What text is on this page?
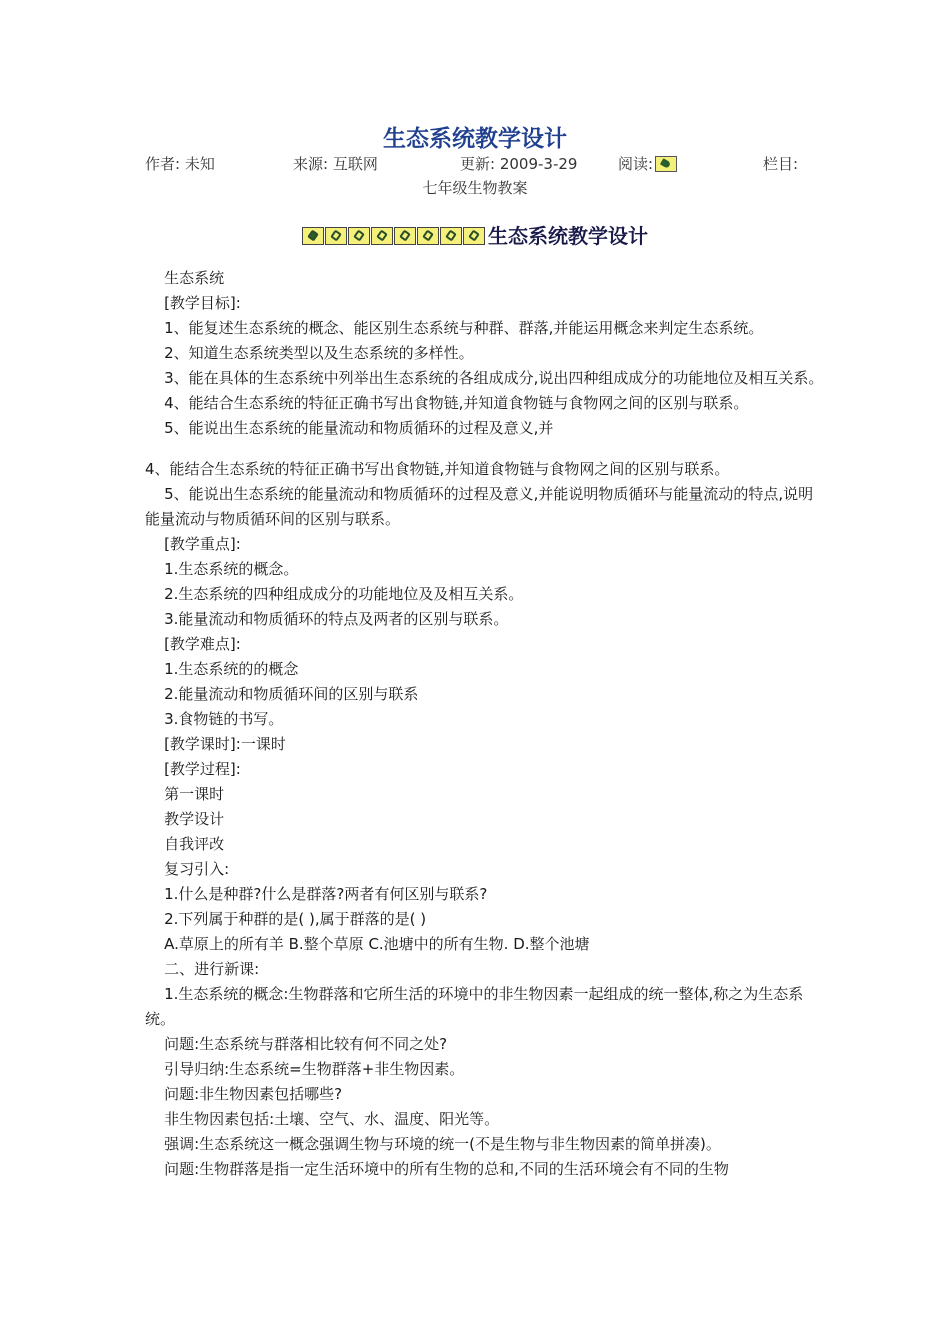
生态系统教学设计
作者: 未知	来源: 互联网	更新: 2009-3-29	阅读:	栏目:
七年级生物教案
生态系统教学设计

生态系统

[教学目标]:

1、能复述生态系统的概念、能区别生态系统与种群、群落,并能运用概念来判定生态系统。

2、知道生态系统类型以及生态系统的多样性。

3、能在具体的生态系统中列举出生态系统的各组成成分,说出四种组成成分的功能地位及相互关系。

4、能结合生态系统的特征正确书写出食物链,并知道食物链与食物网之间的区别与联系。

5、能说出生态系统的能量流动和物质循环的过程及意义,并

4、能结合生态系统的特征正确书写出食物链,并知道食物链与食物网之间的区别与联系。

5、能说出生态系统的能量流动和物质循环的过程及意义,并能说明物质循环与能量流动的特点,说明能量流动与物质循环间的区别与联系。

[教学重点]:

1.生态系统的概念。

2.生态系统的四种组成成分的功能地位及及相互关系。

3.能量流动和物质循环的特点及两者的区别与联系。

[教学难点]:

1.生态系统的的概念

2.能量流动和物质循环间的区别与联系

3.食物链的书写。

[教学课时]:一课时

[教学过程]:

第一课时

教学设计

自我评改

复习引入:

1.什么是种群?什么是群落?两者有何区别与联系?

2.下列属于种群的是( ),属于群落的是( )

A.草原上的所有羊 B.整个草原 C.池塘中的所有生物. D.整个池塘

二、进行新课:

1.生态系统的概念:生物群落和它所生活的环境中的非生物因素一起组成的统一整体,称之为生态系统。

问题:生态系统与群落相比较有何不同之处?

引导归纳:生态系统=生物群落+非生物因素。

问题:非生物因素包括哪些?

非生物因素包括:土壤、空气、水、温度、阳光等。

强调:生态系统这一概念强调生物与环境的统一(不是生物与非生物因素的简单拼凑)。

问题:生物群落是指一定生活环境中的所有生物的总和,不同的生活环境会有不同的生物
